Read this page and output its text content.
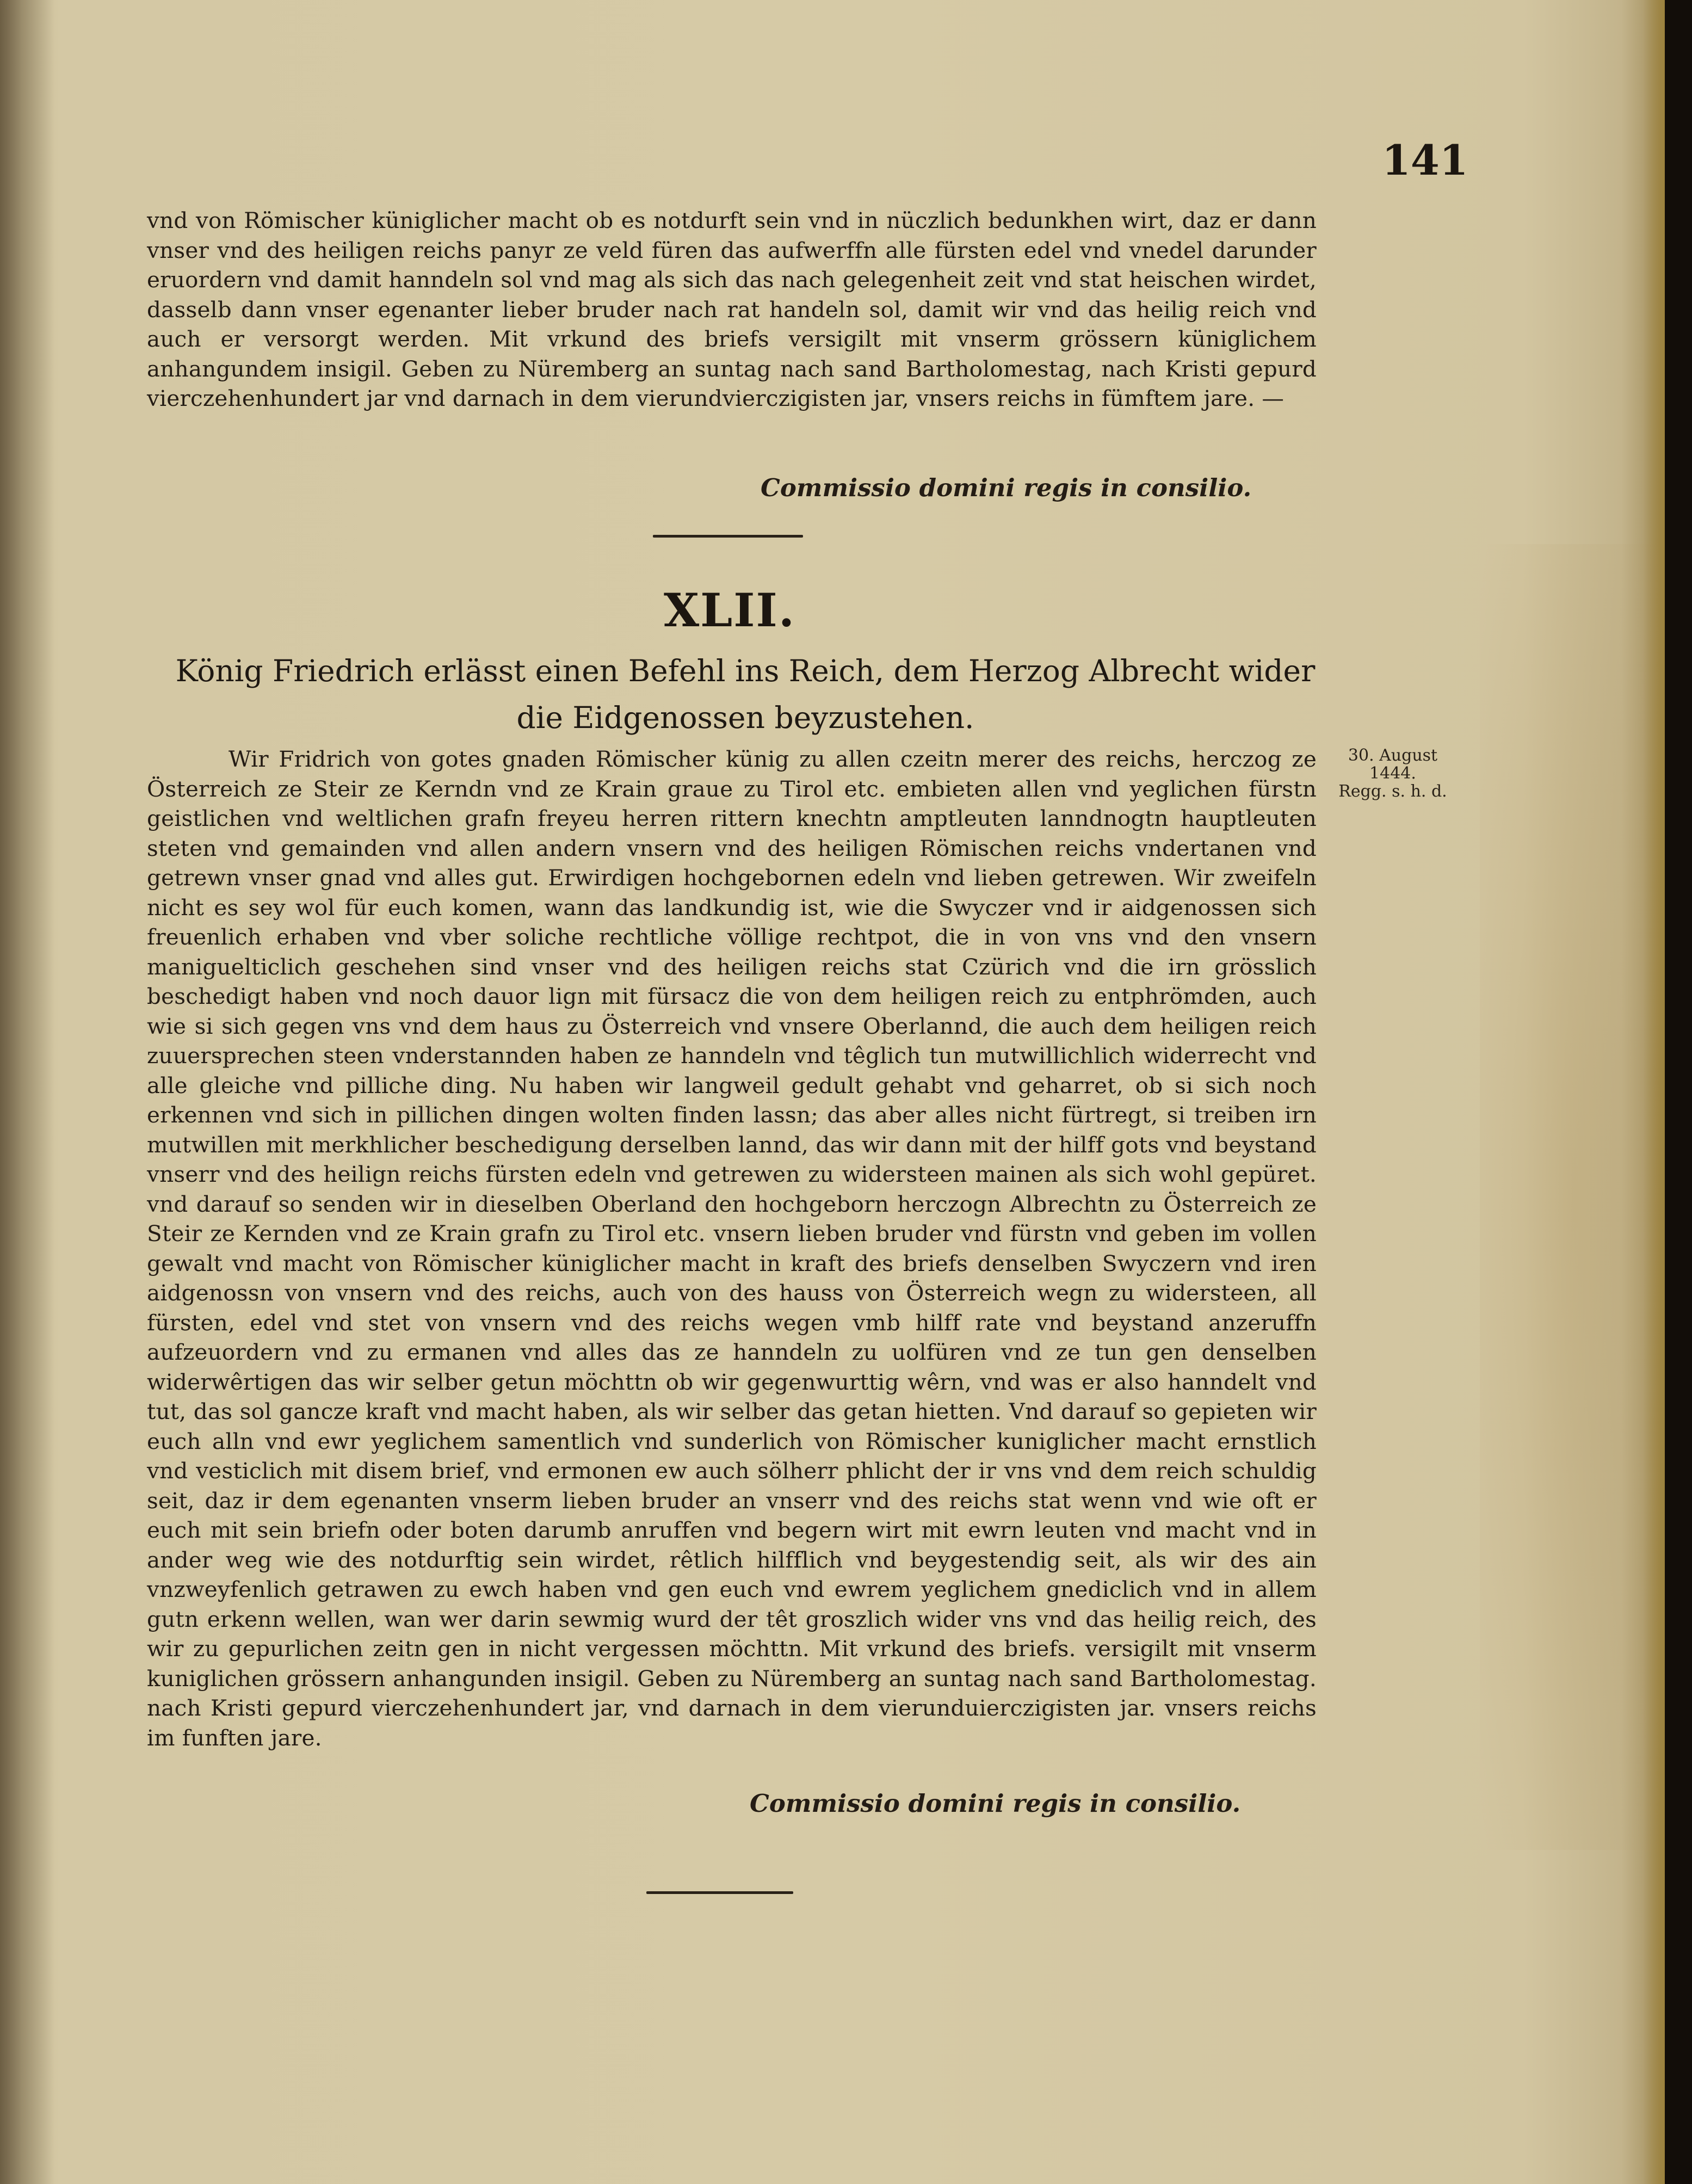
141

vnd von Römischer küniglicher macht ob es notdurft sein vnd in nüczlich bedunkhen wirt, daz er dann vnser vnd des heiligen reichs panyr ze veld füren das aufwerffn alle fürsten edel vnd vnedel darunder eruordern vnd damit hanndeln sol vnd mag als sich das nach gelegenheit zeit vnd stat heischen wirdet, dasselb dann vnser egenanter lieber bruder nach rat handeln sol, damit wir vnd das heilig reich vnd auch er versorgt werden. Mit vrkund des briefs versigilt mit vnserm grössern küniglichem anhangundem insigil. Geben zu Nüremberg an suntag nach sand Bartholomestag, nach Kristi gepurd vierczehenhundert jar vnd darnach in dem vierundvierczigisten jar, vnsers reichs in fümftem jare. —

Commissio domini regis in consilio.
XLII.
König Friedrich erlässt einen Befehl ins Reich, dem Herzog Albrecht wider
die Eidgenossen beyzustehen.
30. August
1444.
Regg. s. h. d.

Wir Fridrich von gotes gnaden Römischer künig zu allen czeitn merer des reichs, herczog ze Österreich ze Steir ze Kerndn vnd ze Krain graue zu Tirol etc. embieten allen vnd yeglichen fürstn geistlichen vnd weltlichen grafn freyeu herren rittern knechtn amptleuten lanndnogtn hauptleuten steten vnd gemainden vnd allen andern vnsern vnd des heiligen Römischen reichs vndertanen vnd getrewn vnser gnad vnd alles gut. Erwirdigen hochgebornen edeln vnd lieben getrewen. Wir zweifeln nicht es sey wol für euch komen, wann das landkundig ist, wie die Swyczer vnd ir aidgenossen sich freuenlich erhaben vnd vber soliche rechtliche völlige rechtpot, die in von vns vnd den vnsern maniguelticlich geschehen sind vnser vnd des heiligen reichs stat Czürich vnd die irn grösslich beschedigt haben vnd noch dauor lign mit fürsacz die von dem heiligen reich zu entphrömden, auch wie si sich gegen vns vnd dem haus zu Österreich vnd vnsere Oberlannd, die auch dem heiligen reich zuuersprechen steen vnderstannden haben ze hanndeln vnd têglich tun mutwillichlich widerrecht vnd alle gleiche vnd pilliche ding. Nu haben wir langweil gedult gehabt vnd geharret, ob si sich noch erkennen vnd sich in pillichen dingen wolten finden lassn; das aber alles nicht fürtregt, si treiben irn mutwillen mit merkhlicher beschedigung derselben lannd, das wir dann mit der hilff gots vnd beystand vnserr vnd des heilign reichs fürsten edeln vnd getrewen zu widersteen mainen als sich wohl gepüret. vnd darauf so senden wir in dieselben Oberland den hochgeborn herczogn Albrechtn zu Österreich ze Steir ze Kernden vnd ze Krain grafn zu Tirol etc. vnsern lieben bruder vnd fürstn vnd geben im vollen gewalt vnd macht von Römischer küniglicher macht in kraft des briefs denselben Swyczern vnd iren aidgenossn von vnsern vnd des reichs, auch von des hauss von Österreich wegn zu widersteen, all fürsten, edel vnd stet von vnsern vnd des reichs wegen vmb hilff rate vnd beystand anzeruffn aufzeuordern vnd zu ermanen vnd alles das ze hanndeln zu uolfüren vnd ze tun gen denselben widerwêrtigen das wir selber getun möchttn ob wir gegenwurttig wêrn, vnd was er also hanndelt vnd tut, das sol gancze kraft vnd macht haben, als wir selber das getan hietten. Vnd darauf so gepieten wir euch alln vnd ewr yeglichem samentlich vnd sunderlich von Römischer kuniglicher macht ernstlich vnd vesticlich mit disem brief, vnd ermonen ew auch sölherr phlicht der ir vns vnd dem reich schuldig seit, daz ir dem egenanten vnserm lieben bruder an vnserr vnd des reichs stat wenn vnd wie oft er euch mit sein briefn oder boten darumb anruffen vnd begern wirt mit ewrn leuten vnd macht vnd in ander weg wie des notdurftig sein wirdet, rêtlich hilfflich vnd beygestendig seit, als wir des ain vnzweyfenlich getrawen zu ewch haben vnd gen euch vnd ewrem yeglichem gnediclich vnd in allem gutn erkenn wellen, wan wer darin sewmig wurd der têt groszlich wider vns vnd das heilig reich, des wir zu gepurlichen zeitn gen in nicht vergessen möchttn. Mit vrkund des briefs. versigilt mit vnserm kuniglichen grössern anhangunden insigil. Geben zu Nüremberg an suntag nach sand Bartholomestag. nach Kristi gepurd vierczehenhundert jar, vnd darnach in dem vierunduierczigisten jar. vnsers reichs im funften jare.

Commissio domini regis in consilio.
